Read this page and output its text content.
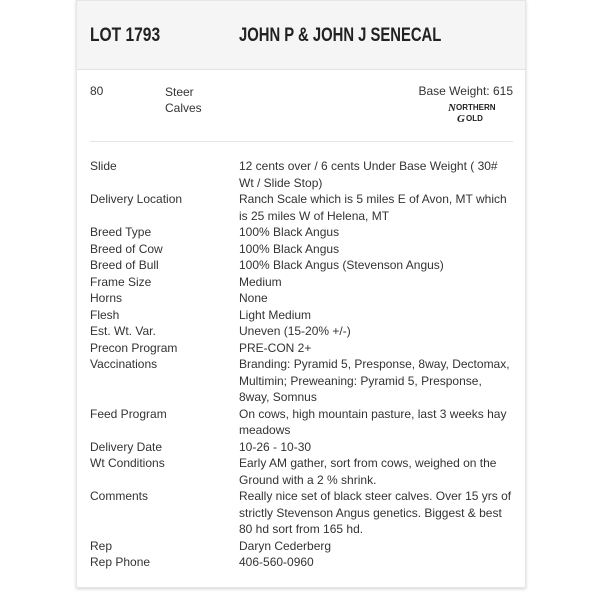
LOT 1793	JOHN P & JOHN J SENECAL
80	Steer Calves
Base Weight: 615
N ORTHERN
G OLD
Slide	12 cents over / 6 cents Under Base Weight ( 30# Wt / Slide Stop)
Delivery Location	Ranch Scale which is 5 miles E of Avon, MT which is 25 miles W of Helena, MT
Breed Type	100% Black Angus
Breed of Cow	100% Black Angus
Breed of Bull	100% Black Angus (Stevenson Angus)
Frame Size	Medium
Horns	None
Flesh	Light Medium
Est. Wt. Var.	Uneven (15-20% +/-)
Precon Program	PRE-CON 2+
Vaccinations	Branding: Pyramid 5, Presponse, 8way, Dectomax, Multimin; Preweaning: Pyramid 5, Presponse, 8way, Somnus
Feed Program	On cows, high mountain pasture, last 3 weeks hay meadows
Delivery Date	10-26 - 10-30
Wt Conditions	Early AM gather, sort from cows, weighed on the Ground with a 2 % shrink.
Comments	Really nice set of black steer calves. Over 15 yrs of strictly Stevenson Angus genetics. Biggest & best 80 hd sort from 165 hd.
Rep	Daryn Cederberg
Rep Phone	406-560-0960
